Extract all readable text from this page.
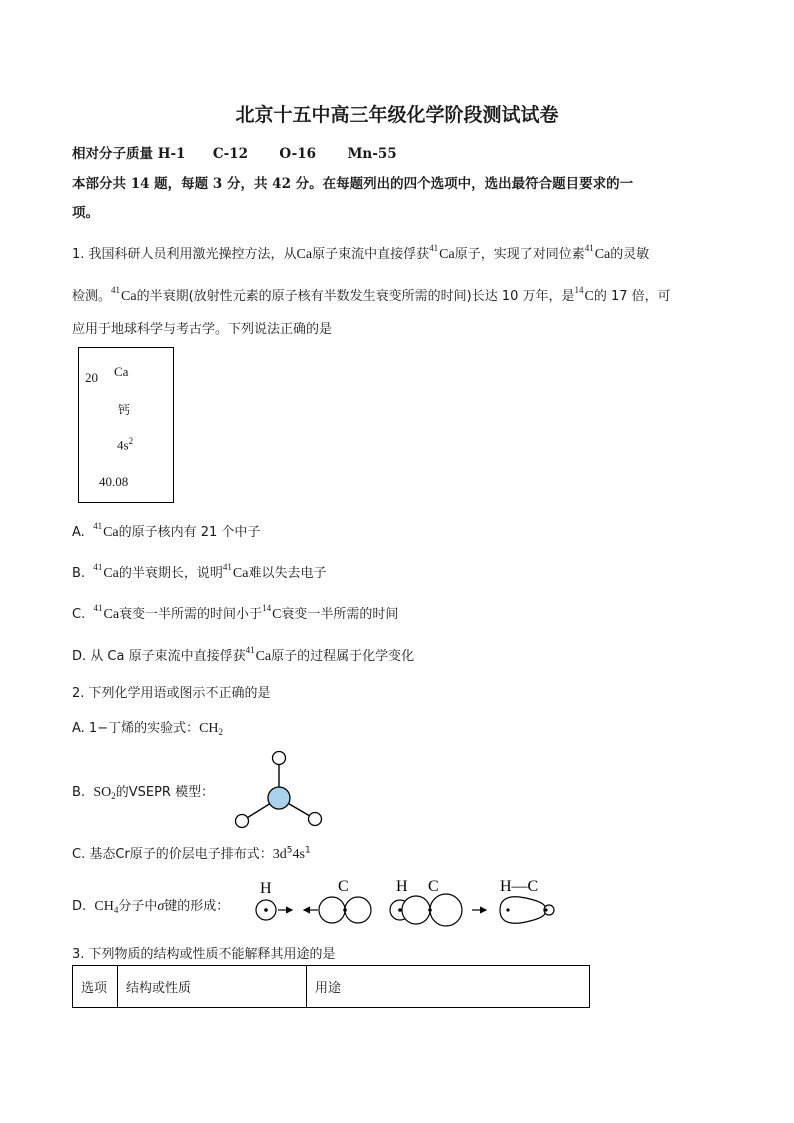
北京十五中高三年级化学阶段测试试卷
相对分子质量 H-1 C-12 O-16 Mn-55
本部分共 14 题，每题 3 分，共 42 分。在每题列出的四个选项中，选出最符合题目要求的一
项。
1. 我国科研人员利用激光操控方法，从Ca原子束流中直接俘获$^{41}$Ca原子，实现了对同位素$^{41}$Ca的灵敏
检测。$^{41}$Ca的半衰期(放射性元素的原子核有半数发生衰变所需的时间)长达 10 万年，是$^{14}$C的 17 倍，可
应用于地球科学与考古学。下列说法正确的是
20 Ca
钙
$4s^2$
40.08
A. $^{41}$Ca的原子核内有 21 个中子
B. $^{41}$Ca的半衰期长，说明$^{41}$Ca难以失去电子
C. $^{41}$Ca衰变一半所需的时间小于$^{14}$C衰变一半所需的时间
D. 从 Ca 原子束流中直接俘获$^{41}$Ca原子的过程属于化学变化
2. 下列化学用语或图示不正确的是
A. 1−丁烯的实验式：$CH_2$
B. $SO_2$的VSEPR 模型：
C. 基态Cr原子的价层电子排布式：$3d^54s^1$
D. $CH_4$分子中σ键的形成：
H	C	H C	H—C
3. 下列物质的结构或性质不能解释其用途的是
选项	结构或性质	用途
